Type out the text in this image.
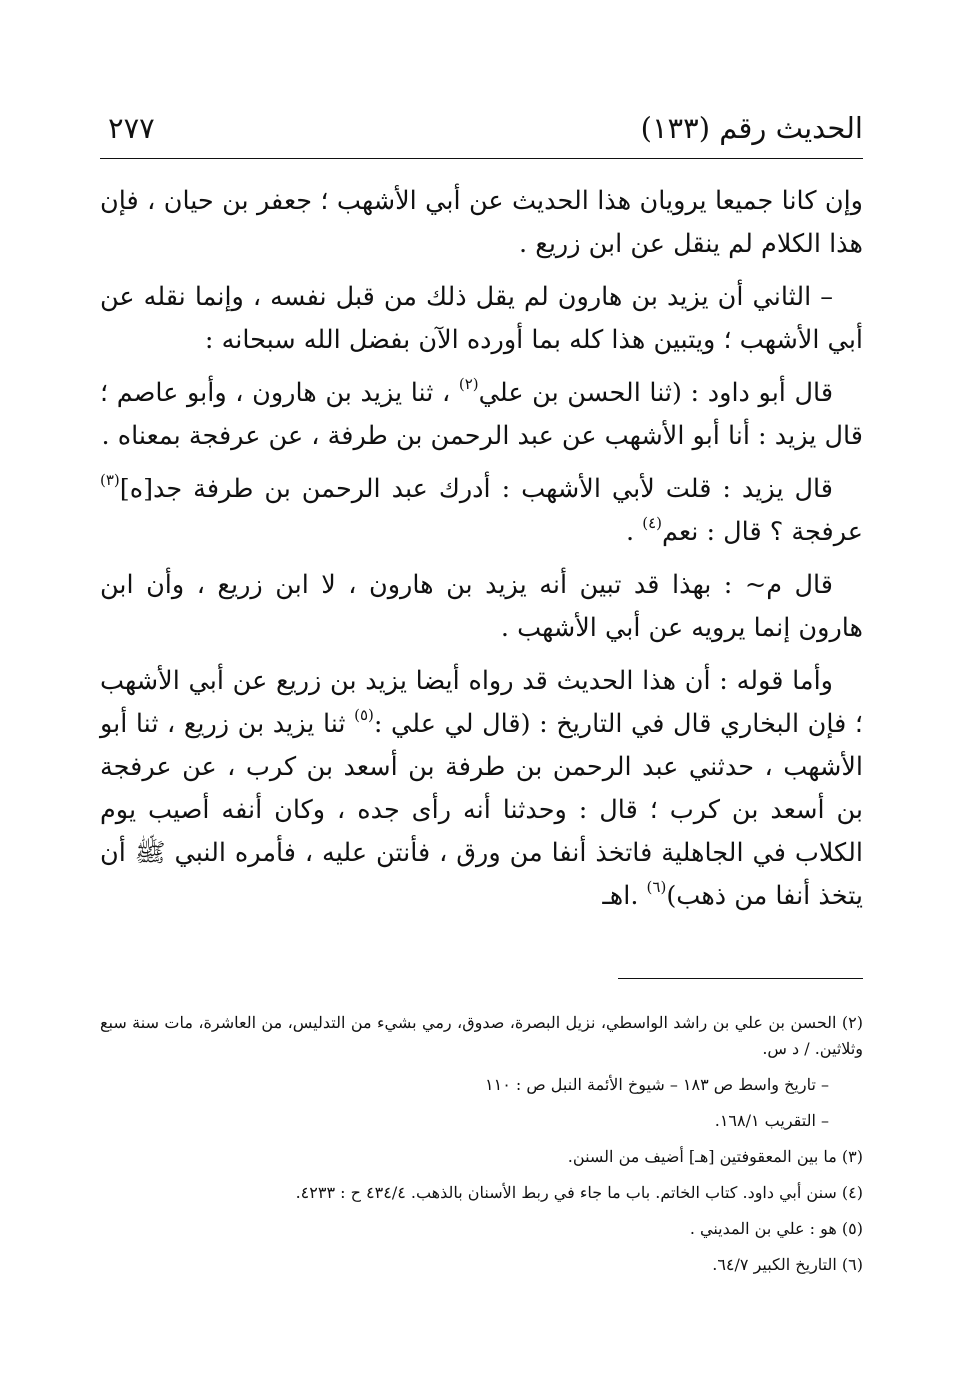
الحديث رقم (١٣٣)
٢٧٧

وإن كانا جميعا يرويان هذا الحديث عن أبي الأشهب ؛ جعفر بن حيان ، فإن هذا الكلام لم ينقل عن ابن زريع .

– الثاني أن يزيد بن هارون لم يقل ذلك من قبل نفسه ، وإنما نقله عن أبي الأشهب ؛ ويتبين هذا كله بما أورده الآن بفضل الله سبحانه :

قال أبو داود : (ثنا الحسن بن علي$^{(٢)}$ ، ثنا يزيد بن هارون ، وأبو عاصم ؛ قال يزيد : أنا أبو الأشهب عن عبد الرحمن بن طرفة ، عن عرفجة بمعناه .

قال يزيد : قلت لأبي الأشهب : أدرك عبد الرحمن بن طرفة جد[ه]$^{(٣)}$ عرفجة ؟ قال : نعم$^{(٤)}$ .

قال م~ : بهذا قد تبين أنه يزيد بن هارون ، لا ابن زريع ، وأن ابن هارون إنما يرويه عن أبي الأشهب .

وأما قوله : أن هذا الحديث قد رواه أيضا يزيد بن زريع عن أبي الأشهب ؛ فإن البخاري قال في التاريخ : (قال لي علي :$^{(٥)}$ ثنا يزيد بن زريع ، ثنا أبو الأشهب ، حدثني عبد الرحمن بن طرفة بن أسعد بن كرب ، عن عرفجة بن أسعد بن كرب ؛ قال : وحدثنا أنه رأى جده ، وكان أنفه أصيب يوم الكلاب في الجاهلية فاتخذ أنفا من ورق ، فأنتن عليه ، فأمره النبي ﷺ أن يتخذ أنفا من ذهب)$^{(٦)}$ .اهـ

(٢) الحسن بن علي بن راشد الواسطي، نزيل البصرة، صدوق، رمي بشيء من التدليس، من العاشرة، مات سنة سبع وثلاثين. / د س.

– تاريخ واسط ص ١٨٣ – شيوخ الأئمة النبل ص : ١١٠

– التقريب ١٦٨/١.

(٣) ما بين المعقوفتين [هـ] أضيف من السنن.

(٤) سنن أبي داود. كتاب الخاتم. باب ما جاء في ربط الأسنان بالذهب. ٤٣٤/٤ ح : ٤٢٣٣.

(٥) هو : علي بن المديني .

(٦) التاريخ الكبير ٦٤/٧.
